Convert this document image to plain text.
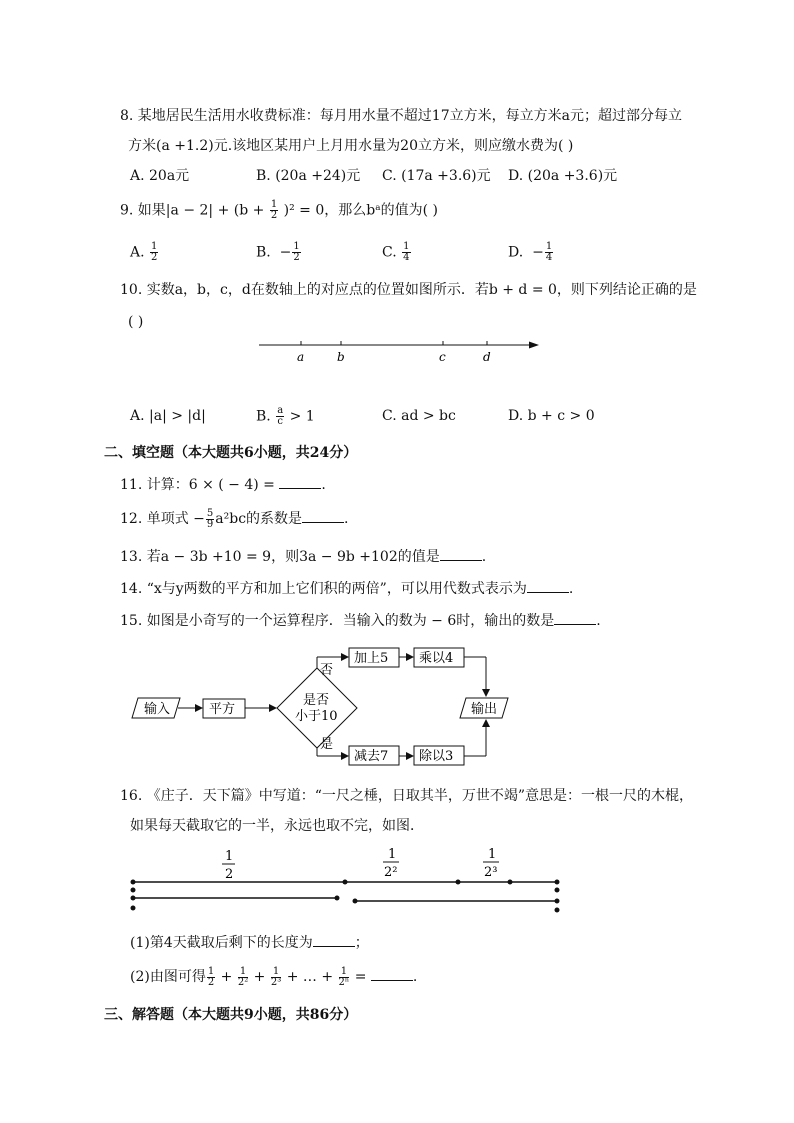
8. 某地居民生活用水收费标准：每月用水量不超过17立方米，每立方米a元；超过部分每立
方米(a +1.2)元.该地区某用户上月用水量为20立方米，则应缴水费为( )
A. 20a元	B. (20a +24)元 C. (17a +3.6)元 D. (20a +3.6)元
9. 如果$|a - 2| + (b + \frac{1}{2} )^2 = 0$，那么bᵃ的值为( )
A. $\frac{1}{2}$	B. − $\frac{1}{2}$	C. $\frac{1}{4}$	D. − $\frac{1}{4}$
10. 实数a，b，c，d在数轴上的对应点的位置如图所示．若b + d = 0，则下列结论正确的是
( )
a	b	c	d
A. |a| > |d|	B. $\frac{a}{c} > 1$	C. ad > bc	D. b + c > 0
二、填空题（本大题共6小题，共24分）
11. 计算：6 × ( − 4) =	.
12. 单项式 − $\frac{5}{9} a^2bc$的系数是	.
13. 若a − 3b +10 = 9，则3a − 9b +102的值是	.
14. “x与y两数的平方和加上它们积的两倍”，可以用代数式表示为	.
15. 如图是小奇写的一个运算程序．当输入的数为 − 6时，输出的数是	.
输入	平方
是否
小于10
否
加上5 乘以4
是
减去7 除以3
输出
16. 《庄子．天下篇》中写道：“一尺之棰，日取其半，万世不竭”意思是：一根一尺的木棍，
如果每天截取它的一半，永远也取不完，如图．
1
2
1
2²
1
2³
(1)第4天截取后剩下的长度为	；
(2)由图可得 $\frac{1}{2} + \frac{1}{\text{2²}} + \frac{1}{\text{2³}}$ + … + $\frac{1}{\text{2ⁿ}}$ =	.
三、解答题（本大题共9小题，共86分）
